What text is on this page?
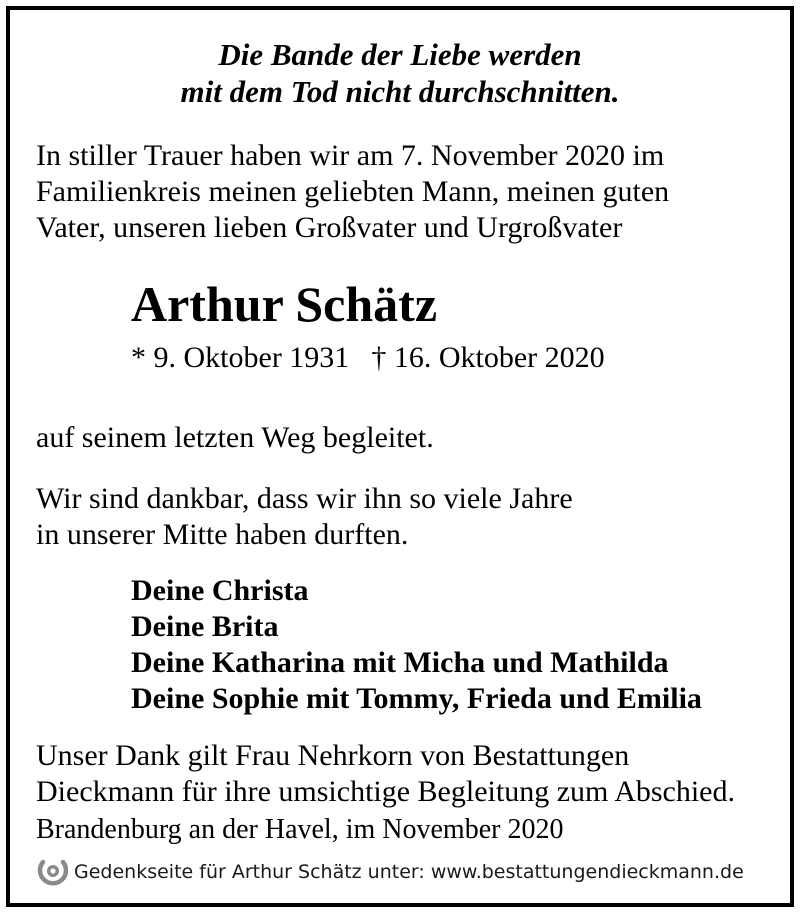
Die Bande der Liebe werden
mit dem Tod nicht durchschnitten.
In stiller Trauer haben wir am 7. November 2020 im
Familienkreis meinen geliebten Mann, meinen guten
Vater, unseren lieben Großvater und Urgroßvater
Arthur Schätz
* 9. Oktober 1931 † 16. Oktober 2020
auf seinem letzten Weg begleitet.
Wir sind dankbar, dass wir ihn so viele Jahre
in unserer Mitte haben durften.
Deine Christa
Deine Brita
Deine Katharina mit Micha und Mathilda
Deine Sophie mit Tommy, Frieda und Emilia
Unser Dank gilt Frau Nehrkorn von Bestattungen
Dieckmann für ihre umsichtige Begleitung zum Abschied.
Brandenburg an der Havel, im November 2020
Gedenkseite für Arthur Schätz unter: www.bestattungendieckmann.de
